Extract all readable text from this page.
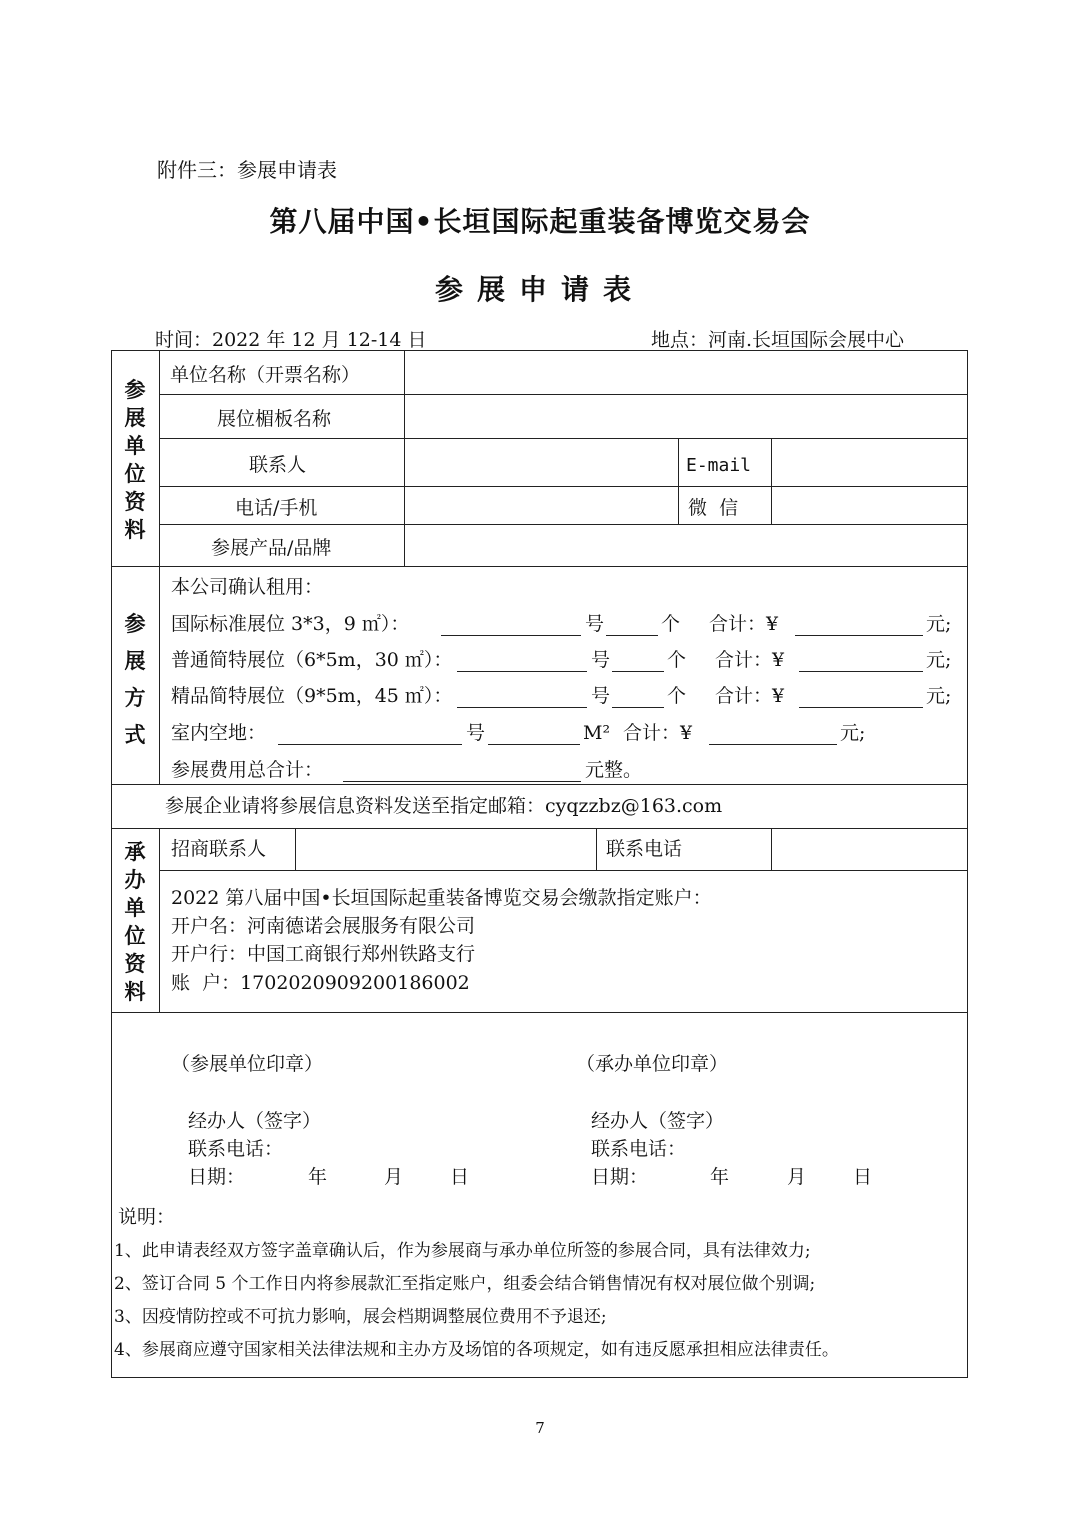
附件三：参展申请表
第八届中国•长垣国际起重装备博览交易会
参展申请表
时间：2022 年 12 月 12-14 日	地点：河南.长垣国际会展中心
参
展
单
位
资
料
单位名称（开票名称）
展位楣板名称
联系人	E-mail
电话/手机	微  信
参展产品/品牌
参
展
方
式
本公司确认租用：
国际标准展位 3*3，9 ㎡）：	号	个 合计：¥	元;
普通简特展位（6*5m，30 ㎡）：	号	个 合计：¥	元;
精品简特展位（9*5m，45 ㎡）：	号	个 合计：¥	元;
室内空地：	号	M² 合计：¥	元;
参展费用总合计：	元整。
参展企业请将参展信息资料发送至指定邮箱：cyqzzbz@163.com
承
办
单
位
资
料
招商联系人	联系电话
2022 第八届中国•长垣国际起重装备博览交易会缴款指定账户：
开户名：河南德诺会展服务有限公司
开户行：中国工商银行郑州铁路支行
账  户：1702020909200186002
（参展单位印章）	（承办单位印章）
经办人（签字）
联系电话：
日期：	年	月 日
经办人（签字）
联系电话：
日期：	年	月 日
说明：
1、此申请表经双方签字盖章确认后，作为参展商与承办单位所签的参展合同，具有法律效力;
2、签订合同 5 个工作日内将参展款汇至指定账户，组委会结合销售情况有权对展位做个别调;
3、因疫情防控或不可抗力影响，展会档期调整展位费用不予退还;
4、参展商应遵守国家相关法律法规和主办方及场馆的各项规定，如有违反愿承担相应法律责任。
7
